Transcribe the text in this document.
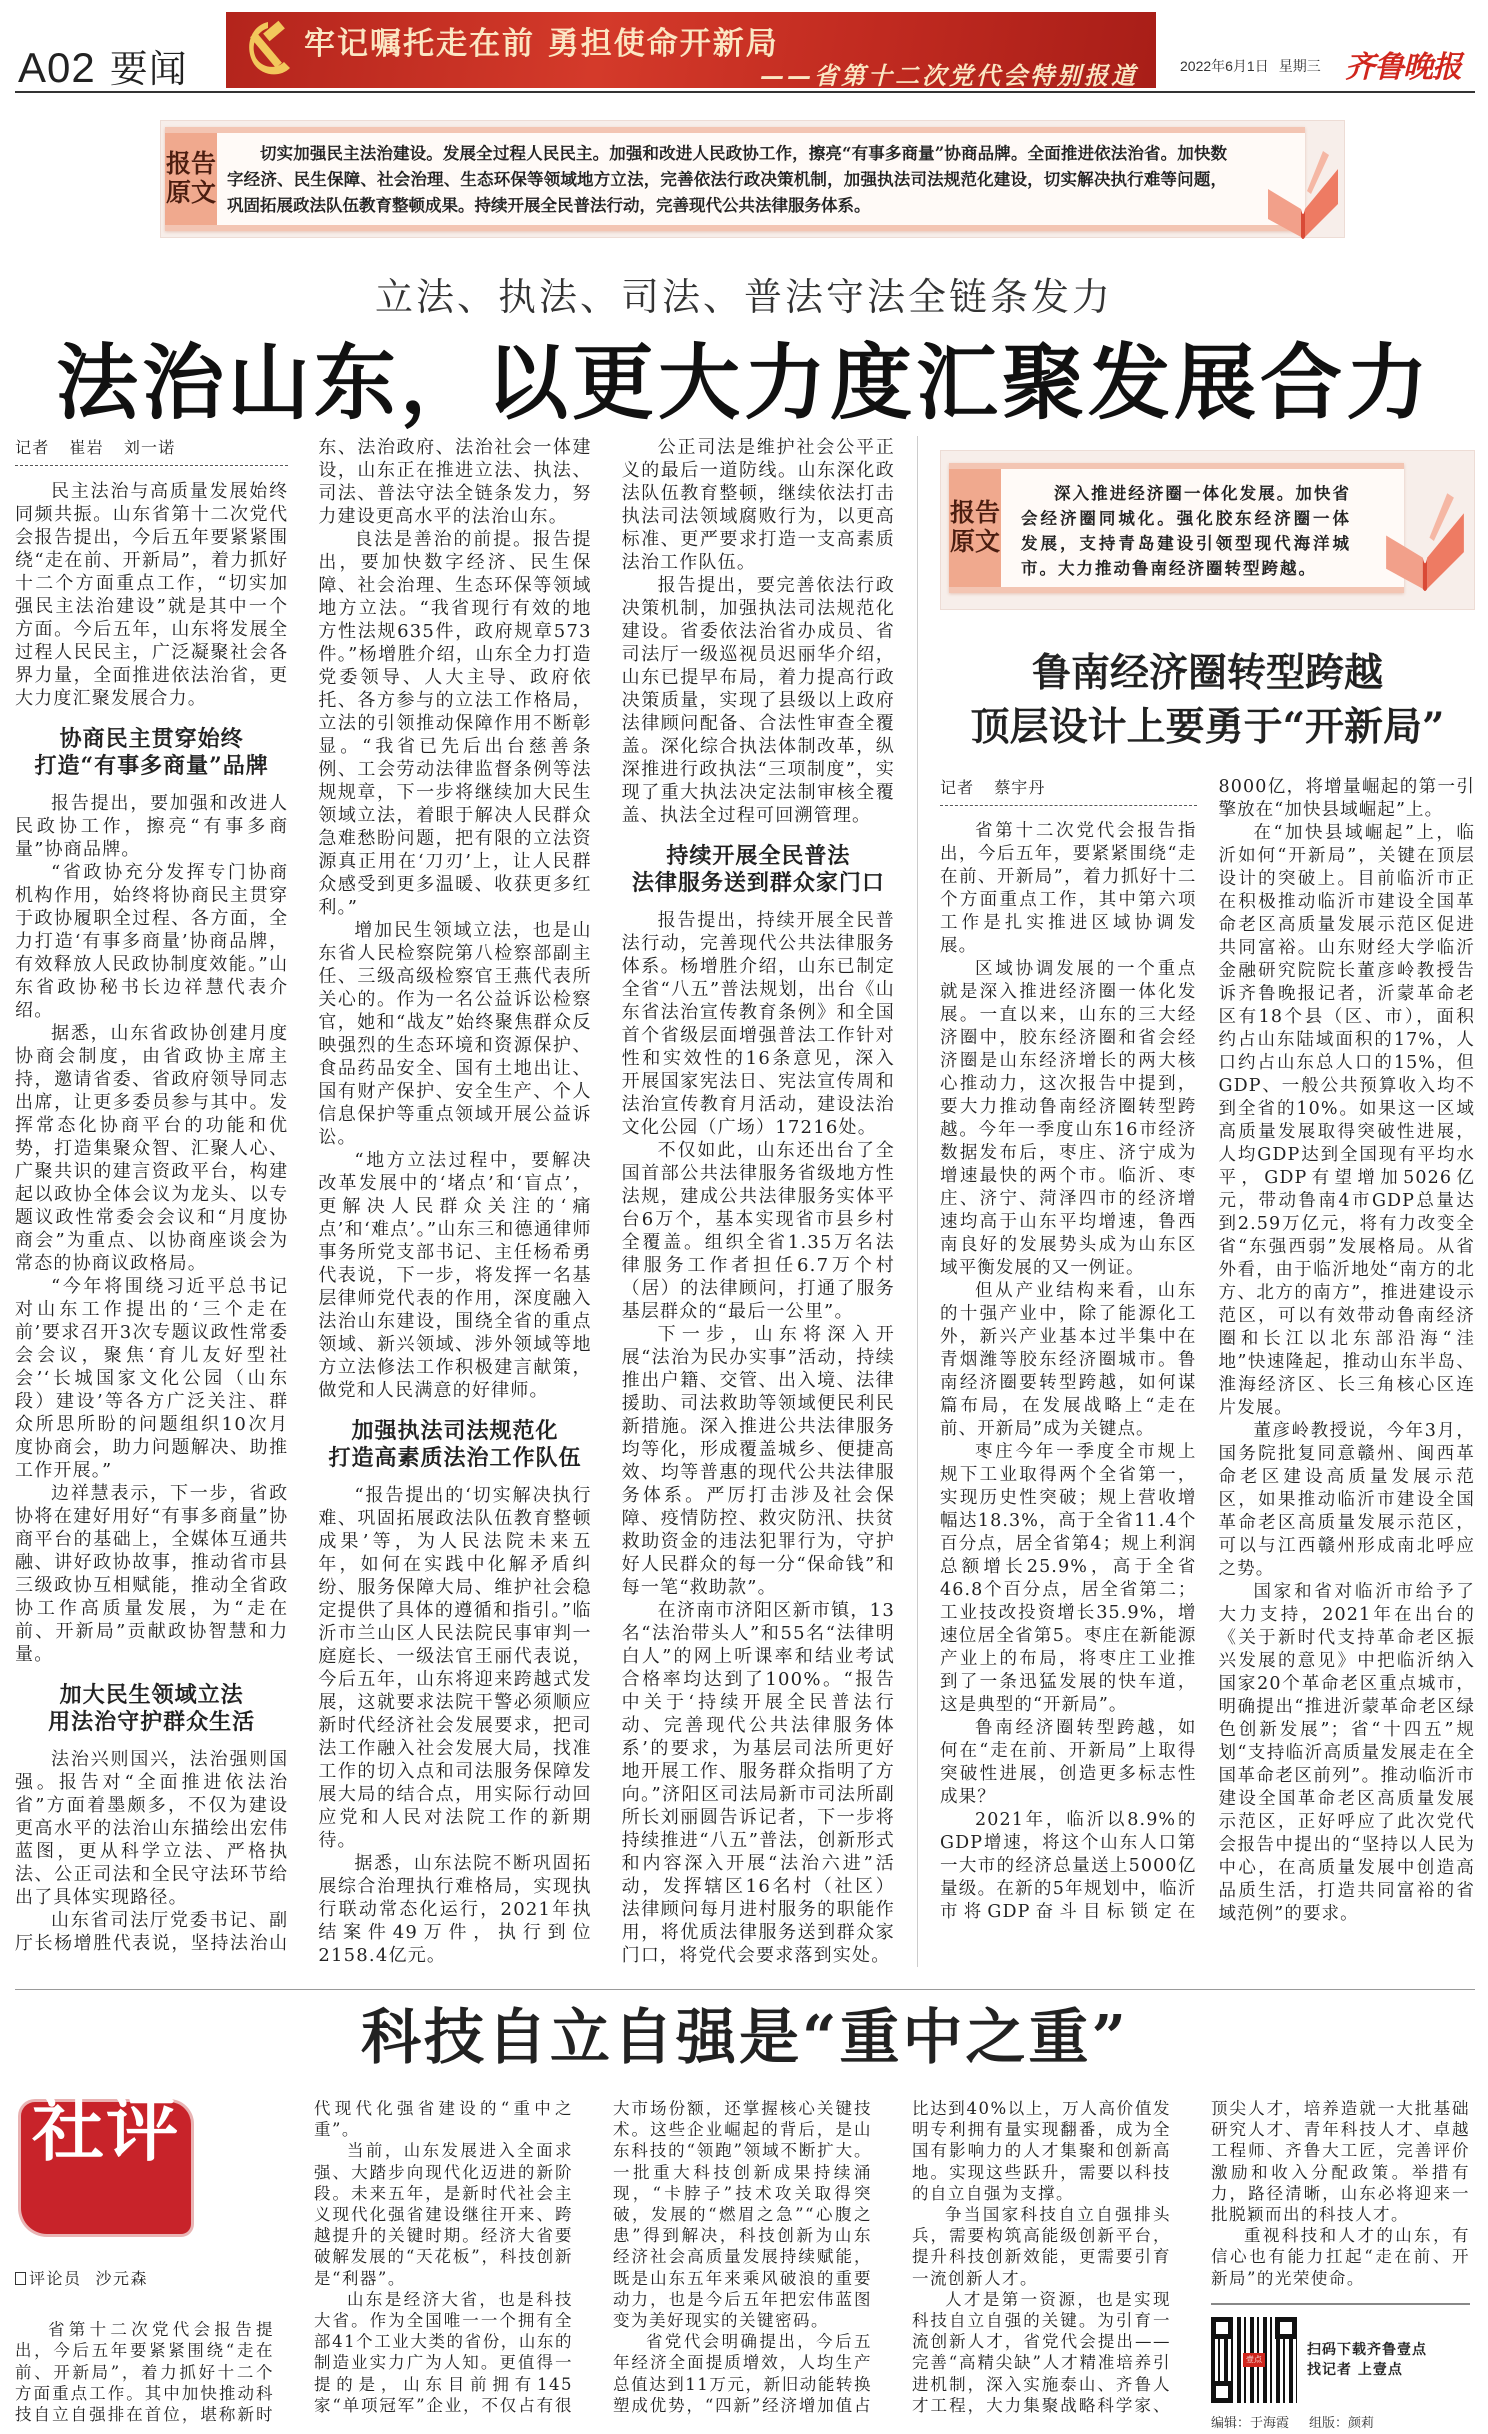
A02 要闻
牢记嘱托走在前 勇担使命开新局
——省第十二次党代会特别报道	2022年6月1日 星期三 齐鲁晚报
报告原文
切实加强民主法治建设。发展全过程人民民主。加强和改进人民政协工作，擦亮“有事多商量”协商品牌。全面推进依法治省。加快数字经济、民生保障、社会治理、生态环保等领域地方立法，完善依法行政决策机制，加强执法司法规范化建设，切实解决执行难等问题，巩固拓展政法队伍教育整顿成果。持续开展全民普法行动，完善现代公共法律服务体系。
立法、执法、司法、普法守法全链条发力
法治山东，以更大力度汇聚发展合力
记者 崔岩 刘一诺

民主法治与高质量发展始终同频共振。山东省第十二次党代会报告提出，今后五年要紧紧围绕“走在前、开新局”，着力抓好十二个方面重点工作，“切实加强民主法治建设”就是其中一个方面。今后五年，山东将发展全过程人民民主，广泛凝聚社会各界力量，全面推进依法治省，更大力度汇聚发展合力。

协商民主贯穿始终
打造“有事多商量”品牌

报告提出，要加强和改进人民政协工作，擦亮“有事多商量”协商品牌。

“省政协充分发挥专门协商机构作用，始终将协商民主贯穿于政协履职全过程、各方面，全力打造‘有事多商量’协商品牌，有效释放人民政协制度效能。”山东省政协秘书长边祥慧代表介绍。

据悉，山东省政协创建月度协商会制度，由省政协主席主持，邀请省委、省政府领导同志出席，让更多委员参与其中。发挥常态化协商平台的功能和优势，打造集聚众智、汇聚人心、广聚共识的建言资政平台，构建起以政协全体会议为龙头、以专题议政性常委会会议和“月度协商会”为重点、以协商座谈会为常态的协商议政格局。

“今年将围绕习近平总书记对山东工作提出的‘三个走在前’要求召开3次专题议政性常委会会议，聚焦‘育儿友好型社会’‘长城国家文化公园（山东段）建设’等各方广泛关注、群众所思所盼的问题组织10次月度协商会，助力问题解决、助推工作开展。”

边祥慧表示，下一步，省政协将在建好用好“有事多商量”协商平台的基础上，全媒体互通共融、讲好政协故事，推动省市县三级政协互相赋能，推动全省政协工作高质量发展，为“走在前、开新局”贡献政协智慧和力量。

加大民生领域立法
用法治守护群众生活

法治兴则国兴，法治强则国强。报告对“全面推进依法治省”方面着墨颇多，不仅为建设更高水平的法治山东描绘出宏伟蓝图，更从科学立法、严格执法、公正司法和全民守法环节给出了具体实现路径。

山东省司法厅党委书记、副厅长杨增胜代表说，坚持法治山东、法治政府、法治社会一体建设，山东正在推进立法、执法、司法、普法守法全链条发力，努力建设更高水平的法治山东。

良法是善治的前提。报告提出，要加快数字经济、民生保障、社会治理、生态环保等领域地方立法。“我省现行有效的地方性法规635件，政府规章573件。”杨增胜介绍，山东全力打造党委领导、人大主导、政府依托、各方参与的立法工作格局，立法的引领推动保障作用不断彰显。“我省已先后出台慈善条例、工会劳动法律监督条例等法规规章，下一步将继续加大民生领域立法，着眼于解决人民群众急难愁盼问题，把有限的立法资源真正用在‘刀刃’上，让人民群众感受到更多温暖、收获更多红利。”

增加民生领域立法，也是山东省人民检察院第八检察部副主任、三级高级检察官王燕代表所关心的。作为一名公益诉讼检察官，她和“战友”始终聚焦群众反映强烈的生态环境和资源保护、食品药品安全、国有土地出让、国有财产保护、安全生产、个人信息保护等重点领域开展公益诉讼。

“地方立法过程中，要解决改革发展中的‘堵点’和‘盲点’，更解决人民群众关注的‘痛点’和‘难点’。”山东三和德通律师事务所党支部书记、主任杨希勇代表说，下一步，将发挥一名基层律师党代表的作用，深度融入法治山东建设，围绕全省的重点领域、新兴领域、涉外领域等地方立法修法工作积极建言献策，做党和人民满意的好律师。

加强执法司法规范化
打造高素质法治工作队伍

“报告提出的‘切实解决执行难、巩固拓展政法队伍教育整顿成果’等，为人民法院未来五年，如何在实践中化解矛盾纠纷、服务保障大局、维护社会稳定提供了具体的遵循和指引。”临沂市兰山区人民法院民事审判一庭庭长、一级法官王丽代表说，今后五年，山东将迎来跨越式发展，这就要求法院干警必须顺应新时代经济社会发展要求，把司法工作融入社会发展大局，找准工作的切入点和司法服务保障发展大局的结合点，用实际行动回应党和人民对法院工作的新期待。

据悉，山东法院不断巩固拓展综合治理执行难格局，实现执行联动常态化运行，2021年执结案件49万件，执行到位2158.4亿元。

公正司法是维护社会公平正义的最后一道防线。山东深化政法队伍教育整顿，继续依法打击执法司法领域腐败行为，以更高标准、更严要求打造一支高素质法治工作队伍。

报告提出，要完善依法行政决策机制，加强执法司法规范化建设。省委依法治省办成员、省司法厅一级巡视员迟丽华介绍，山东已提早布局，着力提高行政决策质量，实现了县级以上政府法律顾问配备、合法性审查全覆盖。深化综合执法体制改革，纵深推进行政执法“三项制度”，实现了重大执法决定法制审核全覆盖、执法全过程可回溯管理。

持续开展全民普法
法律服务送到群众家门口

报告提出，持续开展全民普法行动，完善现代公共法律服务体系。杨增胜介绍，山东已制定全省“八五”普法规划，出台《山东省法治宣传教育条例》和全国首个省级层面增强普法工作针对性和实效性的16条意见，深入开展国家宪法日、宪法宣传周和法治宣传教育月活动，建设法治文化公园（广场）17216处。

不仅如此，山东还出台了全国首部公共法律服务省级地方性法规，建成公共法律服务实体平台6万个，基本实现省市县乡村全覆盖。组织全省1.35万名法律服务工作者担任6.7万个村（居）的法律顾问，打通了服务基层群众的“最后一公里”。

下一步，山东将深入开展“法治为民办实事”活动，持续推出户籍、交管、出入境、法律援助、司法救助等领域便民利民新措施。深入推进公共法律服务均等化，形成覆盖城乡、便捷高效、均等普惠的现代公共法律服务体系。严厉打击涉及社会保障、疫情防控、救灾防汛、扶贫救助资金的违法犯罪行为，守护好人民群众的每一分“保命钱”和每一笔“救助款”。

在济南市济阳区新市镇，13名“法治带头人”和55名“法律明白人”的网上听课率和结业考试合格率均达到了100%。“报告中关于‘持续开展全民普法行动、完善现代公共法律服务体系’的要求，为基层司法所更好地开展工作、服务群众指明了方向。”济阳区司法局新市司法所副所长刘丽圆告诉记者，下一步将持续推进“八五”普法，创新形式和内容深入开展“法治六进”活动，发挥辖区16名村（社区）法律顾问每月进村服务的职能作用，将优质法律服务送到群众家门口，将党代会要求落到实处。

报告原文
深入推进经济圈一体化发展。加快省会经济圈同城化。强化胶东经济圈一体发展，支持青岛建设引领型现代海洋城市。大力推动鲁南经济圈转型跨越。
鲁南经济圈转型跨越
顶层设计上要勇于“开新局”
记者 蔡宇丹

省第十二次党代会报告指出，今后五年，要紧紧围绕“走在前、开新局”，着力抓好十二个方面重点工作，其中第六项工作是扎实推进区域协调发展。

区域协调发展的一个重点就是深入推进经济圈一体化发展。一直以来，山东的三大经济圈中，胶东经济圈和省会经济圈是山东经济增长的两大核心推动力，这次报告中提到，要大力推动鲁南经济圈转型跨越。今年一季度山东16市经济数据发布后，枣庄、济宁成为增速最快的两个市。临沂、枣庄、济宁、菏泽四市的经济增速均高于山东平均增速，鲁西南良好的发展势头成为山东区域平衡发展的又一例证。

但从产业结构来看，山东的十强产业中，除了能源化工外，新兴产业基本过半集中在青烟潍等胶东经济圈城市。鲁南经济圈要转型跨越，如何谋篇布局，在发展战略上“走在前、开新局”成为关键点。

枣庄今年一季度全市规上规下工业取得两个全省第一，实现历史性突破；规上营收增幅达18.3%，高于全省11.4个百分点，居全省第4；规上利润总额增长25.9%，高于全省46.8个百分点，居全省第二；工业技改投资增长35.9%，增速位居全省第5。枣庄在新能源产业上的布局，将枣庄工业推到了一条迅猛发展的快车道，这是典型的“开新局”。

鲁南经济圈转型跨越，如何在“走在前、开新局”上取得突破性进展，创造更多标志性成果？

2021年，临沂以8.9%的GDP增速，将这个山东人口第一大市的经济总量送上5000亿量级。在新的5年规划中，临沂市将GDP奋斗目标锁定在8000亿，将增量崛起的第一引擎放在“加快县域崛起”上。

在“加快县域崛起”上，临沂如何“开新局”，关键在顶层设计的突破上。目前临沂市正在积极推动临沂市建设全国革命老区高质量发展示范区促进共同富裕。山东财经大学临沂金融研究院院长董彦岭教授告诉齐鲁晚报记者，沂蒙革命老区有18个县（区、市），面积约占山东陆域面积的17%，人口约占山东总人口的15%，但GDP、一般公共预算收入均不到全省的10%。如果这一区域高质量发展取得突破性进展，人均GDP达到全国现有平均水平，GDP有望增加5026亿元，带动鲁南4市GDP总量达到2.59万亿元，将有力改变全省“东强西弱”发展格局。从省外看，由于临沂地处“南方的北方、北方的南方”，推进建设示范区，可以有效带动鲁南经济圈和长江以北东部沿海“洼地”快速隆起，推动山东半岛、淮海经济区、长三角核心区连片发展。

董彦岭教授说，今年3月，国务院批复同意赣州、闽西革命老区建设高质量发展示范区，如果推动临沂市建设全国革命老区高质量发展示范区，可以与江西赣州形成南北呼应之势。

国家和省对临沂市给予了大力支持，2021年在出台的《关于新时代支持革命老区振兴发展的意见》中把临沂纳入国家20个革命老区重点城市，明确提出“推进沂蒙革命老区绿色创新发展”；省“十四五”规划“支持临沂高质量发展走在全国革命老区前列”。推动临沂市建设全国革命老区高质量发展示范区，正好呼应了此次党代会报告中提出的“坚持以人民为中心，在高质量发展中创造高品质生活，打造共同富裕的省域范例”的要求。

科技自立自强是“重中之重”
社评
评论员 沙元森

省第十二次党代会报告提出，今后五年要紧紧围绕“走在前、开新局”，着力抓好十二个方面重点工作。其中加快推动科技自立自强排在首位，堪称新时代现代化强省建设的“重中之重”。

当前，山东发展进入全面求强、大踏步向现代化迈进的新阶段。未来五年，是新时代社会主义现代化强省建设继往开来、跨越提升的关键时期。经济大省要破解发展的“天花板”，科技创新是“利器”。

山东是经济大省，也是科技大省。作为全国唯一一个拥有全部41个工业大类的省份，山东的制造业实力广为人知。更值得一提的是，山东目前拥有145家“单项冠军”企业，不仅占有很大市场份额，还掌握核心关键技术。这些企业崛起的背后，是山东科技的“领跑”领域不断扩大。一批重大科技创新成果持续涌现，“卡脖子”技术攻关取得突破，发展的“燃眉之急”“心腹之患”得到解决，科技创新为山东经济社会高质量发展持续赋能，既是山东五年来乘风破浪的重要动力，也是今后五年把宏伟蓝图变为美好现实的关键密码。

省党代会明确提出，今后五年经济全面提质增效，人均生产总值达到11万元，新旧动能转换塑成优势，“四新”经济增加值占比达到40%以上，万人高价值发明专利拥有量实现翻番，成为全国有影响力的人才集聚和创新高地。实现这些跃升，需要以科技的自立自强为支撑。

争当国家科技自立自强排头兵，需要构筑高能级创新平台，提升科技创新效能，更需要引育一流创新人才。

人才是第一资源，也是实现科技自立自强的关键。为引育一流创新人才，省党代会提出——完善“高精尖缺”人才精准培养引进机制，深入实施泰山、齐鲁人才工程，大力集聚战略科学家、顶尖人才，培养造就一大批基础研究人才、青年科技人才、卓越工程师、齐鲁大工匠，完善评价激励和收入分配政策。举措有力，路径清晰，山东必将迎来一批脱颖而出的科技人才。

重视科技和人才的山东，有信心也有能力扛起“走在前、开新局”的光荣使命。

壹点
扫码下载齐鲁壹点
找记者 上壹点
编辑：于海霞 组版：颜莉
